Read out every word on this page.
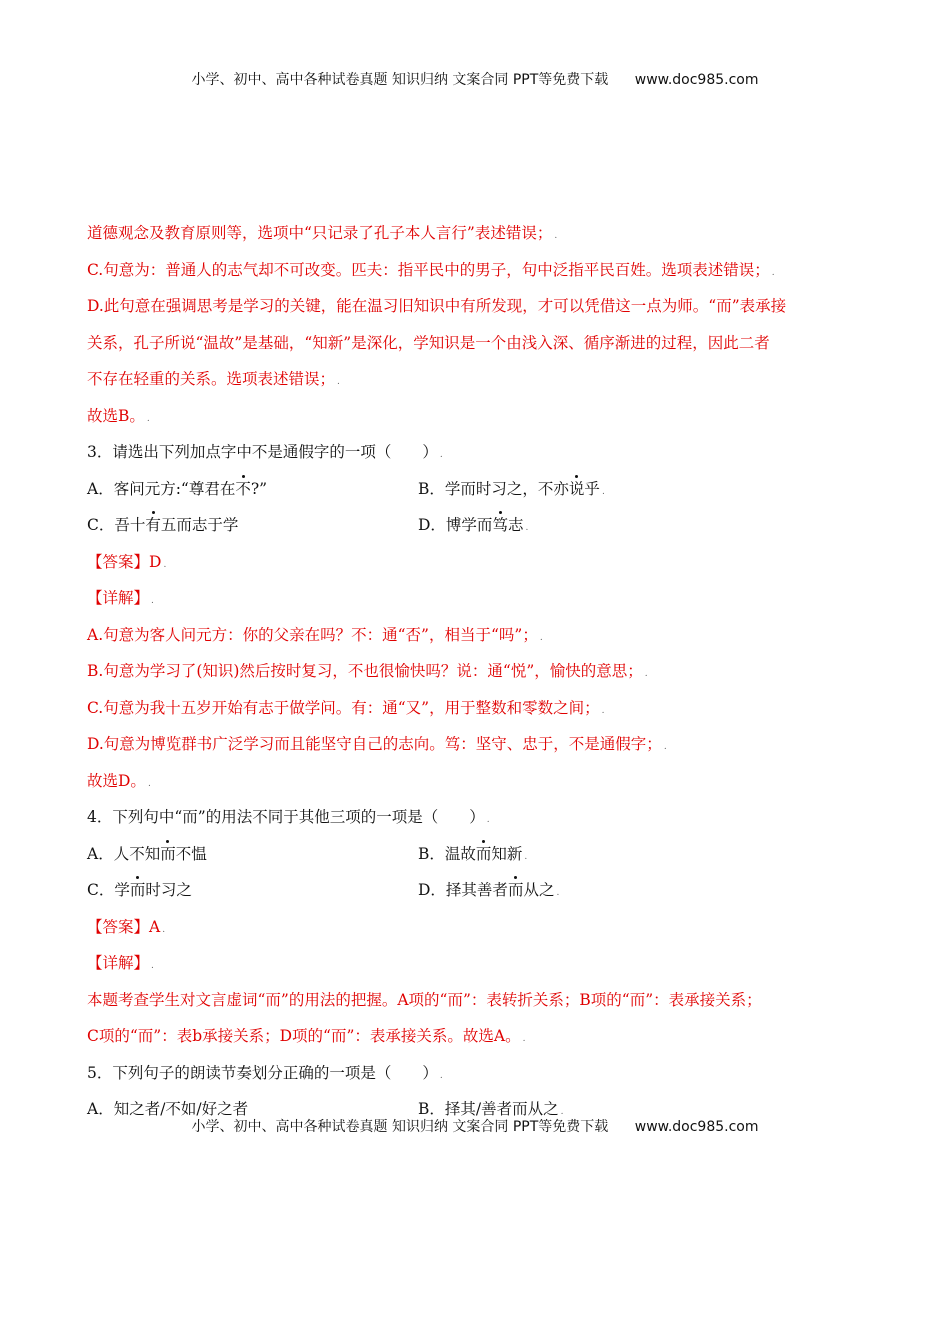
小学、初中、高中各种试卷真题 知识归纳 文案合同 PPT等免费下载 www.doc985.com
道德观念及教育原则等，选项中“只记录了孔子本人言行”表述错误； .
C.句意为：普通人的志气却不可改变。匹夫：指平民中的男子，句中泛指平民百姓。选项表述错误； .
D.此句意在强调思考是学习的关键，能在温习旧知识中有所发现，才可以凭借这一点为师。“而”表承接
关系，孔子所说“温故”是基础，“知新”是深化，学知识是一个由浅入深、循序渐进的过程，因此二者
不存在轻重的关系。选项表述错误； .
故选B。 .
3．请选出下列加点字中不是通假字的一项（　　） .
A．客问元方:“尊君在不?”	B．学而时习之，不亦说乎 .
C．吾十有五而志于学	D．博学而笃志 .
【答案】D .
【详解】 .
A.句意为客人问元方：你的父亲在吗？不：通“否”，相当于“吗”； .
B.句意为学习了(知识)然后按时复习，不也很愉快吗？说：通“悦”，愉快的意思； .
C.句意为我十五岁开始有志于做学问。有：通“又”，用于整数和零数之间； .
D.句意为博览群书广泛学习而且能坚守自己的志向。笃：坚守、忠于，不是通假字； .
故选D。 .
4．下列句中“而”的用法不同于其他三项的一项是（　　） .
A．人不知而不愠	B．温故而知新 .
C．学而时习之	D．择其善者而从之 .
【答案】A .
【详解】 .
本题考查学生对文言虚词“而”的用法的把握。A项的“而”：表转折关系；B项的“而”：表承接关系；
C项的“而”：表b承接关系；D项的“而”：表承接关系。故选A。 .
5．下列句子的朗读节奏划分正确的一项是（　　） .
A．知之者/不如/好之者	B．择其/善者而从之 .
小学、初中、高中各种试卷真题 知识归纳 文案合同 PPT等免费下载 www.doc985.com
